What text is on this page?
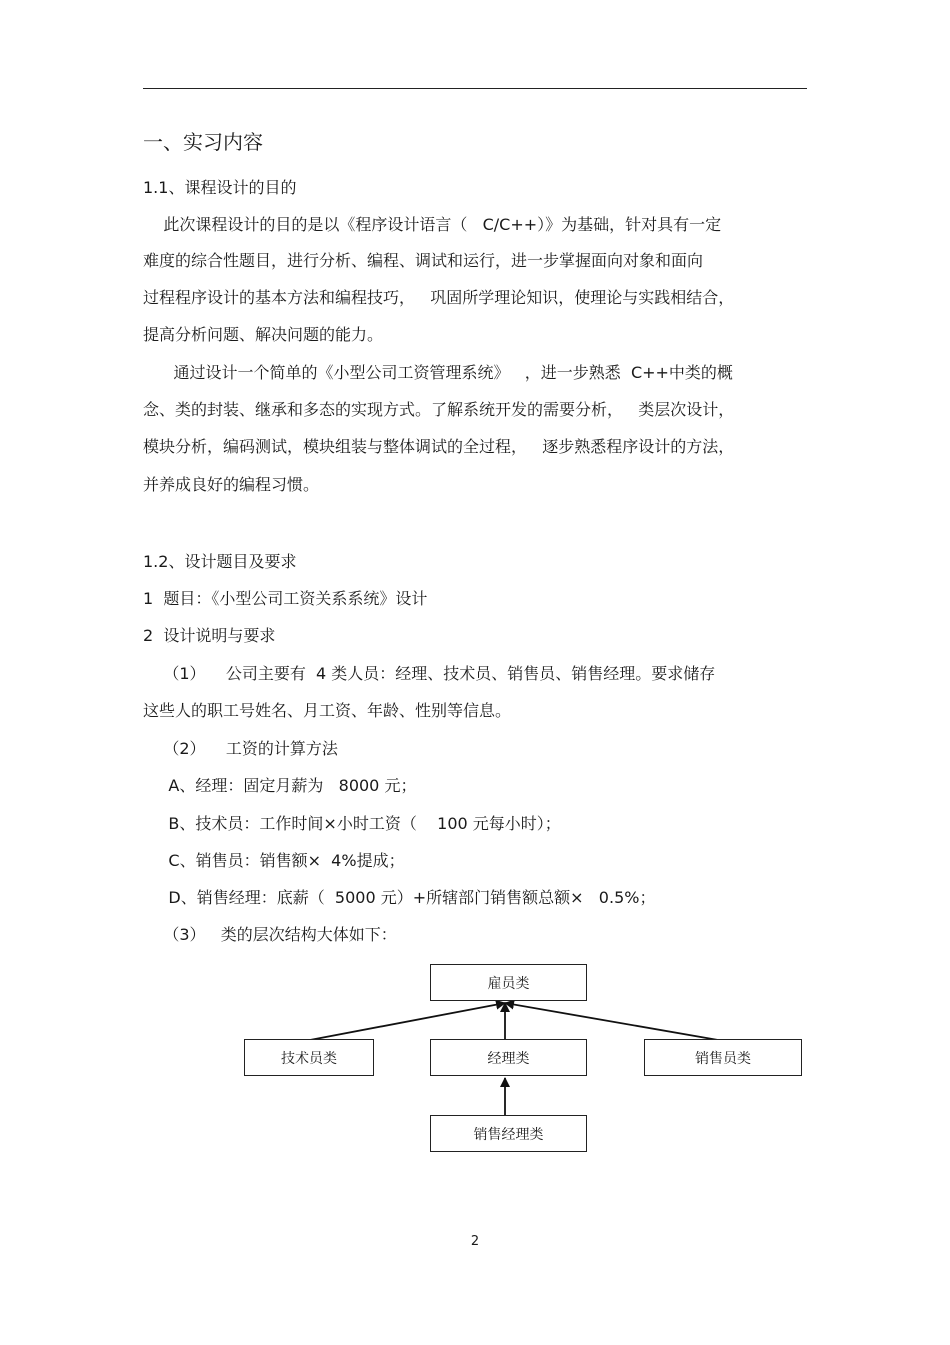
一、实习内容
1.1、课程设计的目的
此次课程设计的目的是以《程序设计语言（   C/C++）》为基础，针对具有一定
难度的综合性题目，进行分析、编程、调试和运行，进一步掌握面向对象和面向
过程程序设计的基本方法和编程技巧，   巩固所学理论知识，使理论与实践相结合，
提高分析问题、解决问题的能力。
通过设计一个简单的《小型公司工资管理系统》   ，进一步熟悉  C++中类的概
念、类的封装、继承和多态的实现方式。了解系统开发的需要分析，   类层次设计，
模块分析，编码测试，模块组装与整体调试的全过程，   逐步熟悉程序设计的方法，
并养成良好的编程习惯。
1.2、设计题目及要求
1  题目：《小型公司工资关系系统》设计
2  设计说明与要求
（1）    公司主要有  4 类人员：经理、技术员、销售员、销售经理。要求储存
这些人的职工号姓名、月工资、年龄、性别等信息。
（2）    工资的计算方法
A、经理：固定月薪为   8000 元；
B、技术员：工作时间×小时工资（    100 元每小时）；
C、销售员：销售额×  4%提成；
D、销售经理：底薪（  5000 元）+所辖部门销售额总额×   0.5%；
（3）   类的层次结构大体如下：
雇员类
技术员类	经理类	销售员类
销售经理类
2
